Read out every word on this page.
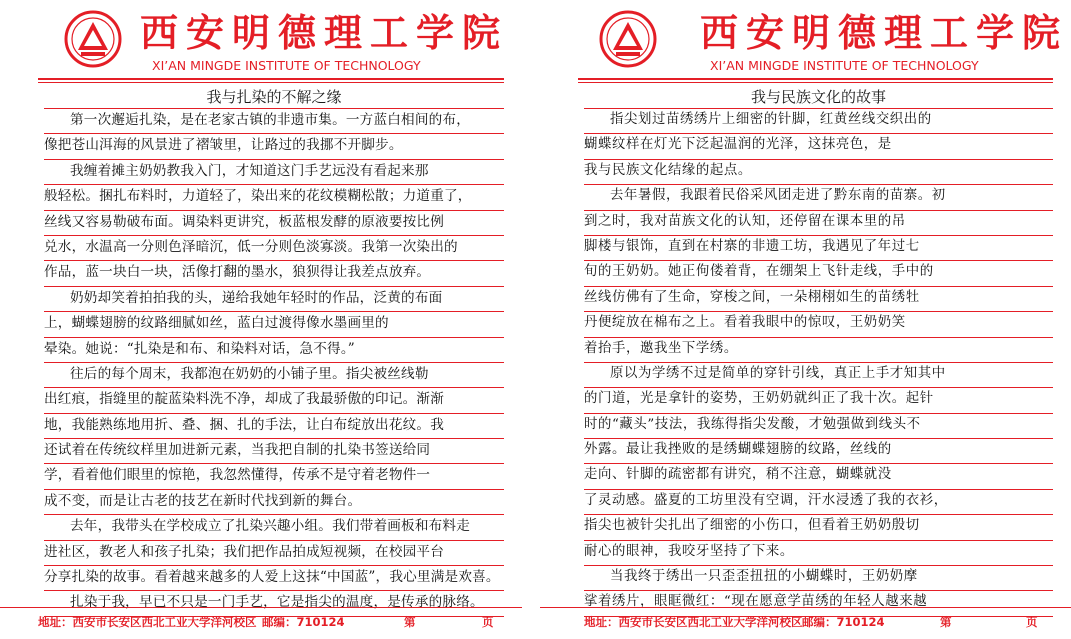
西安明德理工学院
XI’AN MINGDE INSTITUTE OF TECHNOLOGY
我与扎染的不解之缘
第一次邂逅扎染，是在老家古镇的非遗市集。一方蓝白相间的布，
像把苍山洱海的风景进了褶皱里，让路过的我挪不开脚步。
我缠着摊主奶奶教我入门，才知道这门手艺远没有看起来那
般轻松。捆扎布料时，力道轻了，染出来的花纹模糊松散；力道重了，
丝线又容易勒破布面。调染料更讲究，板蓝根发酵的原液要按比例
兑水，水温高一分则色泽暗沉，低一分则色淡寡淡。我第一次染出的
作品，蓝一块白一块，活像打翻的墨水，狼狈得让我差点放弃。
奶奶却笑着拍拍我的头，递给我她年轻时的作品，泛黄的布面
上，蝴蝶翅膀的纹路细腻如丝，蓝白过渡得像水墨画里的
晕染。她说：“扎染是和布、和染料对话，急不得。”
往后的每个周末，我都泡在奶奶的小铺子里。指尖被丝线勒
出红痕，指缝里的靛蓝染料洗不净，却成了我最骄傲的印记。渐渐
地，我能熟练地用折、叠、捆、扎的手法，让白布绽放出花纹。我
还试着在传统纹样里加进新元素，当我把自制的扎染书签送给同
学，看着他们眼里的惊艳，我忽然懂得，传承不是守着老物件一
成不变，而是让古老的技艺在新时代找到新的舞台。
去年，我带头在学校成立了扎染兴趣小组。我们带着画板和布料走
进社区，教老人和孩子扎染；我们把作品拍成短视频，在校园平台
分享扎染的故事。看着越来越多的人爱上这抹“中国蓝”，我心里满是欢喜。
扎染于我，早已不只是一门手艺，它是指尖的温度，是传承的脉络。
地址：西安市长安区西北工业大学洋河校区 邮编：710124	第	页
西安明德理工学院
XI’AN MINGDE INSTITUTE OF TECHNOLOGY
我与民族文化的故事
指尖划过苗绣绣片上细密的针脚，红黄丝线交织出的
蝴蝶纹样在灯光下泛起温润的光泽，这抹亮色，是
我与民族文化结缘的起点。
去年暑假，我跟着民俗采风团走进了黔东南的苗寨。初
到之时，我对苗族文化的认知，还停留在课本里的吊
脚楼与银饰，直到在村寨的非遗工坊，我遇见了年过七
旬的王奶奶。她正佝偻着背，在绷架上飞针走线，手中的
丝线仿佛有了生命，穿梭之间，一朵栩栩如生的苗绣牡
丹便绽放在棉布之上。看着我眼中的惊叹，王奶奶笑
着抬手，邀我坐下学绣。
原以为学绣不过是简单的穿针引线，真正上手才知其中
的门道，光是拿针的姿势，王奶奶就纠正了我十次。起针
时的“藏头”技法，我练得指尖发酸，才勉强做到线头不
外露。最让我挫败的是绣蝴蝶翅膀的纹路，丝线的
走向、针脚的疏密都有讲究，稍不注意，蝴蝶就没
了灵动感。盛夏的工坊里没有空调，汗水浸透了我的衣衫，
指尖也被针尖扎出了细密的小伤口，但看着王奶奶殷切
耐心的眼神，我咬牙坚持了下来。
当我终于绣出一只歪歪扭扭的小蝴蝶时，王奶奶摩
挲着绣片，眼眶微红：“现在愿意学苗绣的年轻人越来越
地址：西安市长安区西北工业大学洋河校区 邮编：710124	第	页
